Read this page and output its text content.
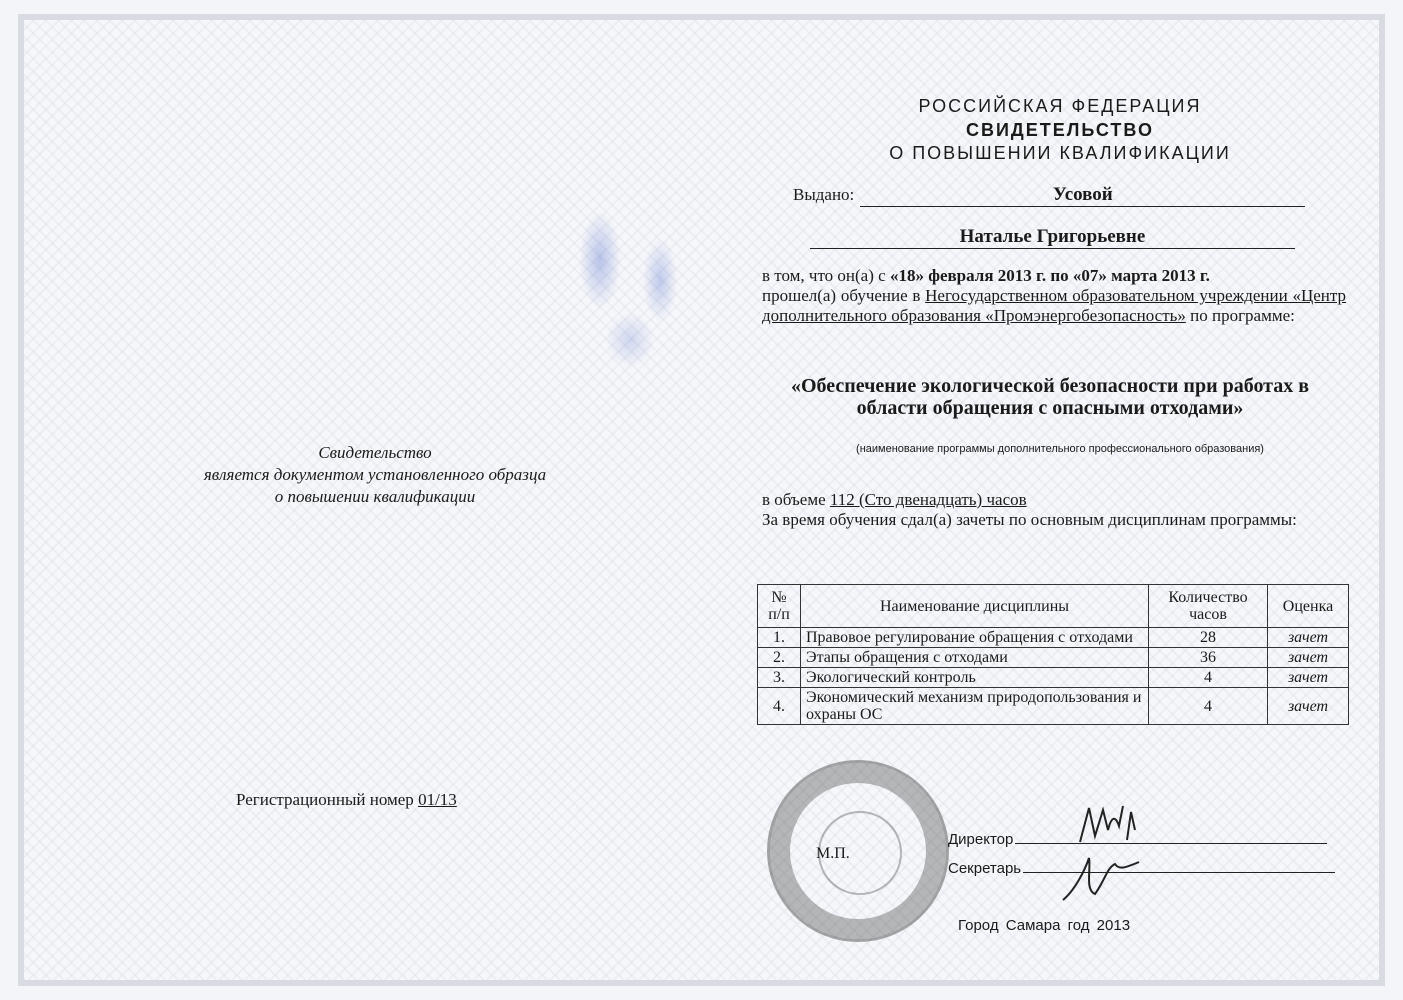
Свидетельство
является документом установленного образца
о повышении квалификации
Регистрационный номер 01/13
РОССИЙСКАЯ ФЕДЕРАЦИЯ
СВИДЕТЕЛЬСТВО
О ПОВЫШЕНИИ КВАЛИФИКАЦИИ
Выдано:	Усовой
Наталье Григорьевне
в том, что он(а) с «18» февраля 2013 г. по «07» марта 2013 г.
прошел(а) обучение в Негосударственном образовательном учреждении «Центр дополнительного образования «Промэнергобезопасность» по программе:
«Обеспечение экологической безопасности при работах в области обращения с опасными отходами»
(наименование программы дополнительного профессионального образования)
в объеме 112 (Сто двенадцать) часов
За время обучения сдал(а) зачеты по основным дисциплинам программы:
№ п/п	Наименование дисциплины	Количество часов	Оценка
1.	Правовое регулирование обращения с отходами	28	зачет
2.	Этапы обращения с отходами	36	зачет
3.	Экологический контроль	4	зачет
4.	Экономический механизм природопользования и охраны ОС	4	зачет
М.П.
Директор
Секретарь
Город Самара год 2013
